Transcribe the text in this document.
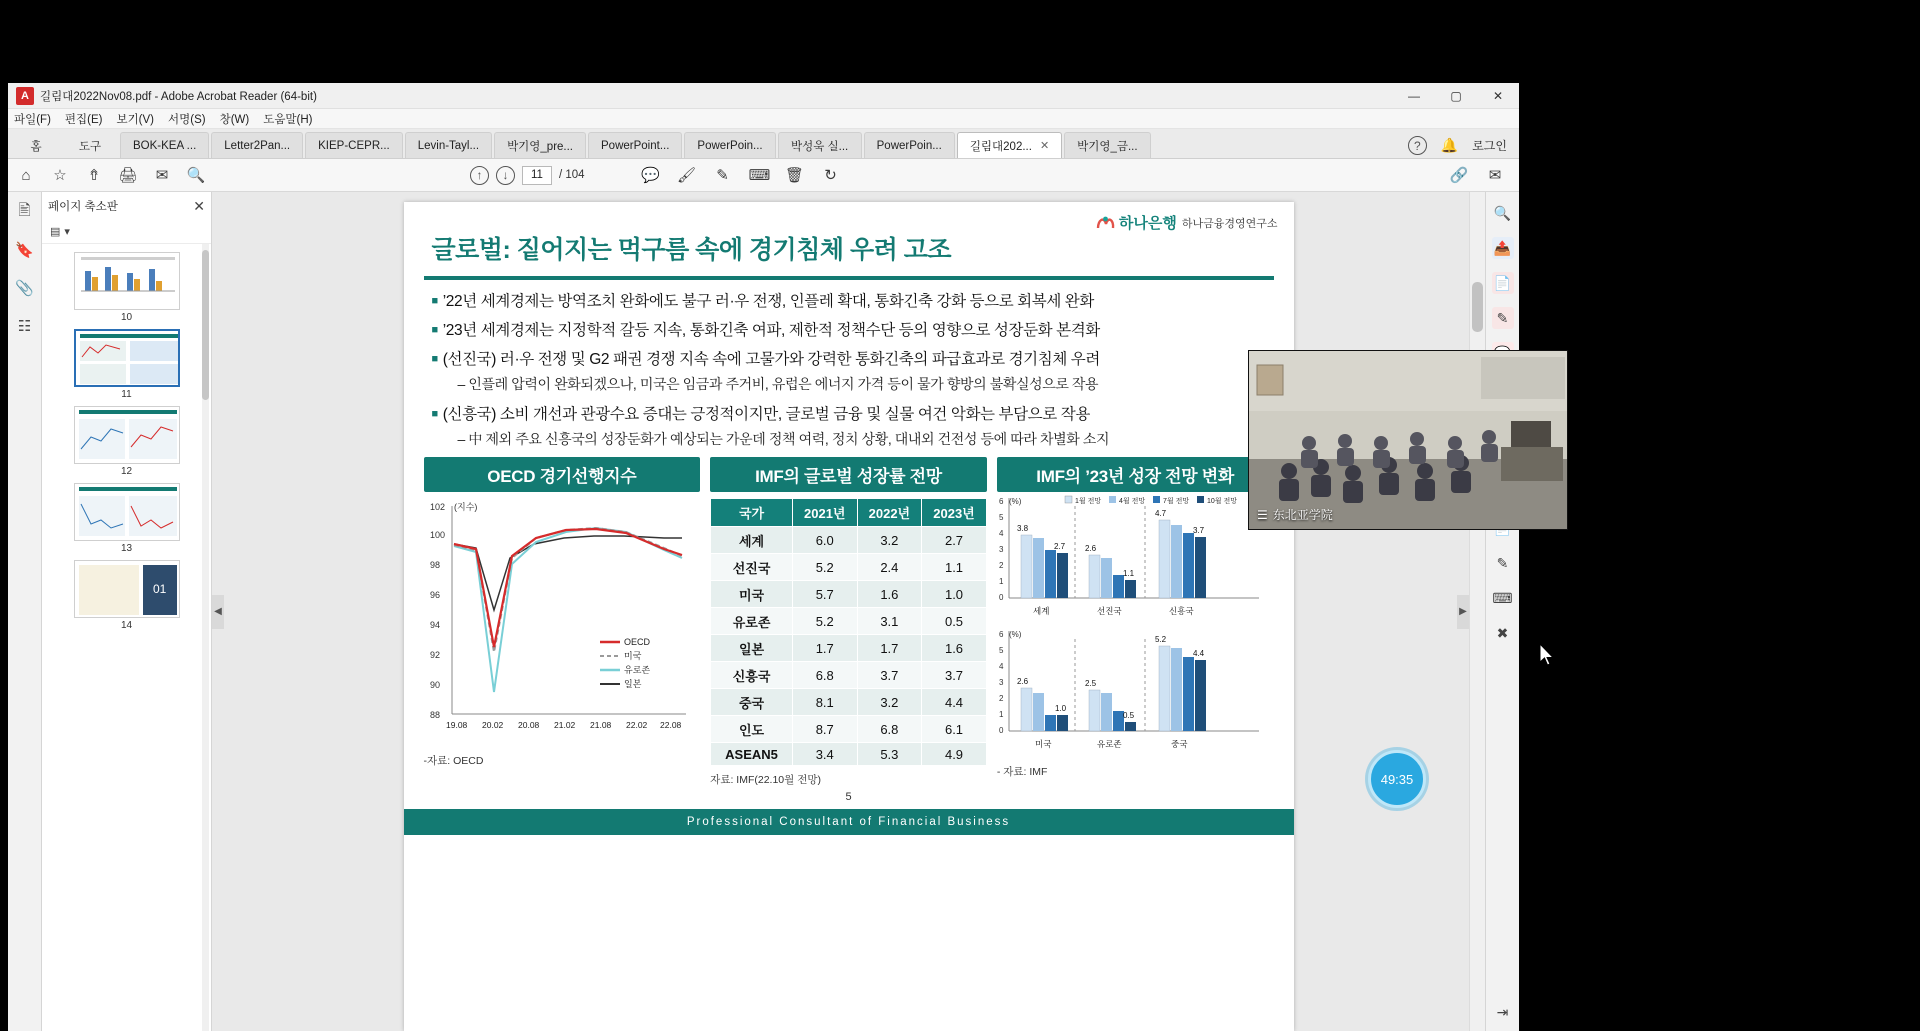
A 길림대2022Nov08.pdf - Adobe Acrobat Reader (64-bit)	—	▢	✕
파일(F) 편집(E) 보기(V) 서명(S) 창(W) 도움말(H)
홈	도구	BOK-KEA ...	Letter2Pan...	KIEP-CEPR...	Levin-Tayl...	박기영_pre...	PowerPoint...	PowerPoin...	박성욱 실...	PowerPoin...	길림대202... ✕	박기영_금...	?	🔔 로그인
⌂	☆ ⇮ 🖨 ✉ 🔍	↑	↓	11	/ 104	💬 🖌 ✎ ⌨ 🗑 ↻	🔗 ✉
🖹
🔖
📎
☷
페이지 축소판	✕
▤ ▾
10
11
12
13
01
14
◀
하나은행 하나금융경영연구소
글로벌: 짙어지는 먹구름 속에 경기침체 우려 고조
■ ’22년 세계경제는 방역조치 완화에도 불구 러·우 전쟁, 인플레 확대, 통화긴축 강화 등으로 회복세 완화
■ ’23년 세계경제는 지정학적 갈등 지속, 통화긴축 여파, 제한적 정책수단 등의 영향으로 성장둔화 본격화
■ (선진국) 러·우 전쟁 및 G2 패권 경쟁 지속 속에 고물가와 강력한 통화긴축의 파급효과로 경기침체 우려
– 인플레 압력이 완화되겠으나, 미국은 임금과 주거비, 유럽은 에너지 가격 등이 물가 향방의 불확실성으로 작용
■ (신흥국) 소비 개선과 관광수요 증대는 긍정적이지만, 글로벌 금융 및 실물 여건 악화는 부담으로 작용
– 中 제외 주요 신흥국의 성장둔화가 예상되는 가운데 정책 여력, 정치 상황, 대내외 건전성 등에 따라 차별화 소지
OECD 경기선행지수
102
100
98
96
94
92
90
88
(지수)
OECD
미국
유로존
일본
19.08 20.02 20.08 21.02 21.08 22.02 22.08
-자료: OECD
IMF의 글로벌 성장률 전망
국가	2021년	2022년	2023년
세계	6.0	3.2	2.7
선진국	5.2	2.4	1.1
미국	5.7	1.6	1.0
유로존	5.2	3.1	0.5
일본	1.7	1.7	1.6
신흥국	6.8	3.7	3.7
중국	8.1	3.2	4.4
인도	8.7	6.8	6.1
ASEAN5	3.4	5.3	4.9
자료: IMF(22.10월 전망)
IMF의 ’23년 성장 전망 변화
6
5
4
3
2
1
0
(%)	1월 전망	4월 전망	7월 전망	10월 전망
3.8
2.7
세계
2.6
1.1
선진국
4.7
3.7
신흥국

6
5
4
3
2
1
0
(%)
2.6
1.0
미국
2.5
0.5
유로존
5.2
4.4
중국
- 자료: IMF
5
Professional Consultant of Financial Business
▶
🔍
📤
📄
✎
✎
⌨
✖
⇥
☰ 东北亚学院
49:35
